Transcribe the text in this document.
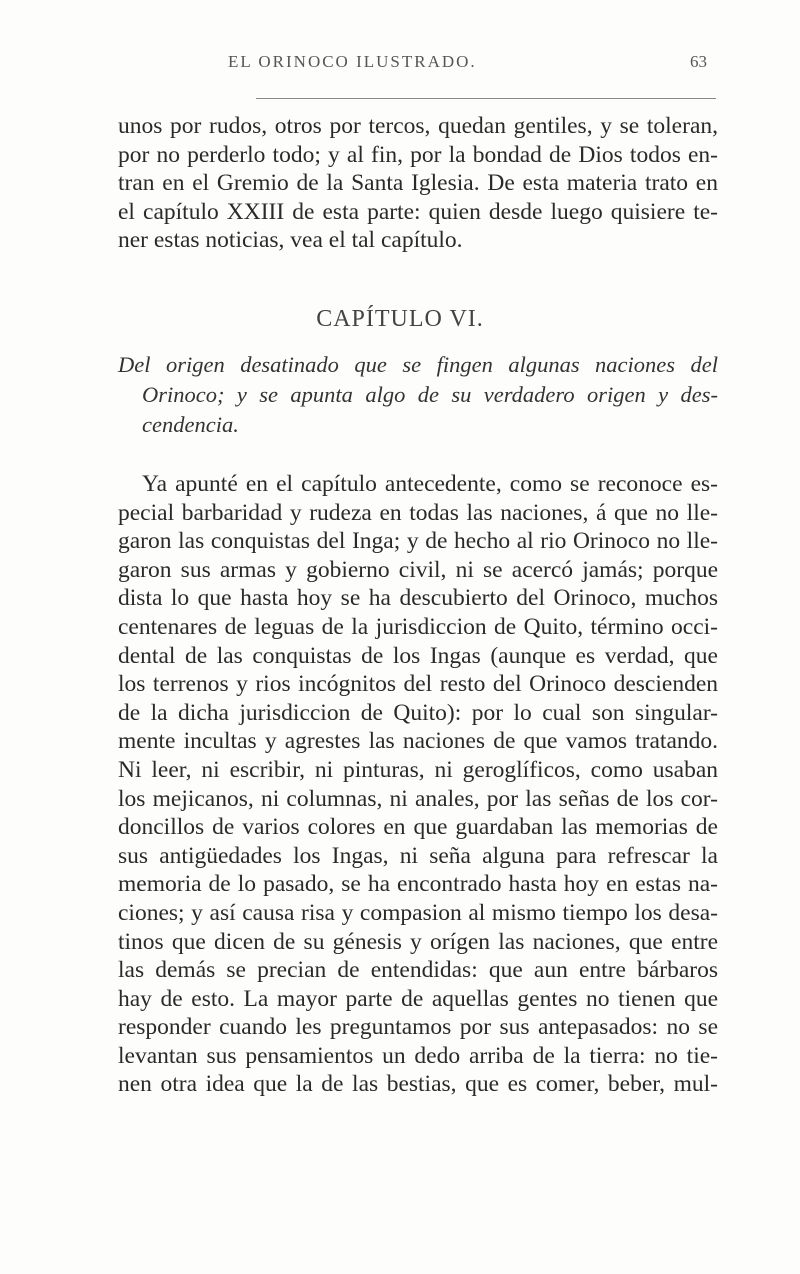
EL ORINOCO ILUSTRADO.	63
unos por rudos, otros por tercos, quedan gentiles, y se toleran,
por no perderlo todo; y al fin, por la bondad de Dios todos en-
tran en el Gremio de la Santa Iglesia. De esta materia trato en
el capítulo XXIII de esta parte: quien desde luego quisiere te-
ner estas noticias, vea el tal capítulo.
CAPÍTULO VI.
Del origen desatinado que se fingen algunas naciones del
Orinoco; y se apunta algo de su verdadero origen y des-
cendencia.
Ya apunté en el capítulo antecedente, como se reconoce es-
pecial barbaridad y rudeza en todas las naciones, á que no lle-
garon las conquistas del Inga; y de hecho al rio Orinoco no lle-
garon sus armas y gobierno civil, ni se acercó jamás; porque
dista lo que hasta hoy se ha descubierto del Orinoco, muchos
centenares de leguas de la jurisdiccion de Quito, término occi-
dental de las conquistas de los Ingas (aunque es verdad, que
los terrenos y rios incógnitos del resto del Orinoco descienden
de la dicha jurisdiccion de Quito): por lo cual son singular-
mente incultas y agrestes las naciones de que vamos tratando.
Ni leer, ni escribir, ni pinturas, ni geroglíficos, como usaban
los mejicanos, ni columnas, ni anales, por las señas de los cor-
doncillos de varios colores en que guardaban las memorias de
sus antigüedades los Ingas, ni seña alguna para refrescar la
memoria de lo pasado, se ha encontrado hasta hoy en estas na-
ciones; y así causa risa y compasion al mismo tiempo los desa-
tinos que dicen de su génesis y orígen las naciones, que entre
las demás se precian de entendidas: que aun entre bárbaros
hay de esto. La mayor parte de aquellas gentes no tienen que
responder cuando les preguntamos por sus antepasados: no se
levantan sus pensamientos un dedo arriba de la tierra: no tie-
nen otra idea que la de las bestias, que es comer, beber, mul-
